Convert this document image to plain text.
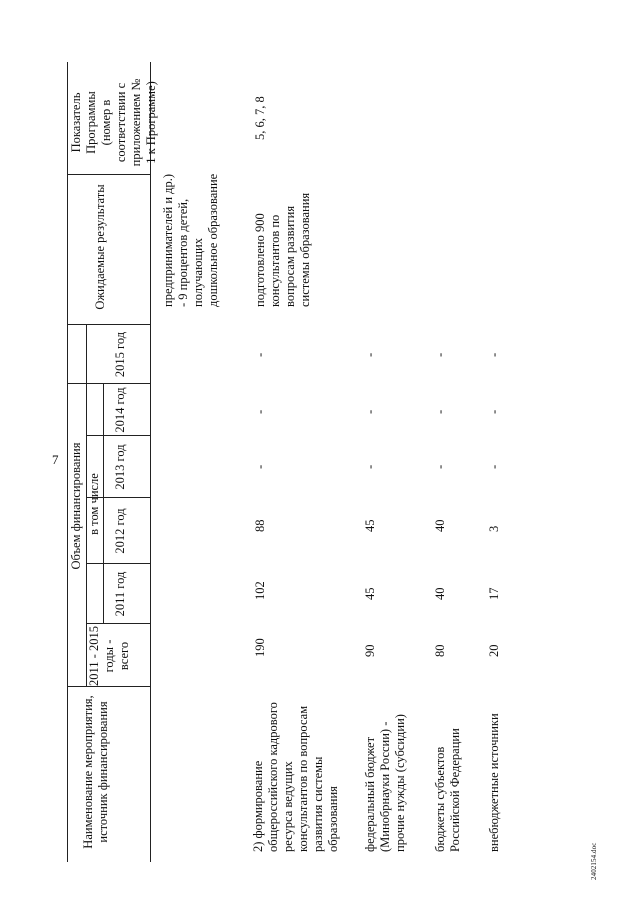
7
Наименование мероприятия, источник финансирования
Объем финансирования
2011 - 2015 годы - всего
в том числе
2011 год
2012 год
2013 год
2014 год
2015 год
Ожидаемые результаты
Показатель Программы (номер в соответствии с приложением № 1 к Программе)
предпринимателей и др.) - 9 процентов детей, получающих дошкольное образование
2) формирование общероссийского кадрового ресурса ведущих консультантов по вопросам развития системы образования
190
102
88
-
-
-
подготовлено 900 консультантов по вопросам развития системы образования
5, 6, 7, 8
федеральный бюджет (Минобрнауки России) - прочие нужды (субсидии)
90
45
45
-
-
-
бюджеты субъектов Российской Федерации
80
40
40
-
-
-
внебюджетные источники
20
17
3
-
-
-
2402154.doc
